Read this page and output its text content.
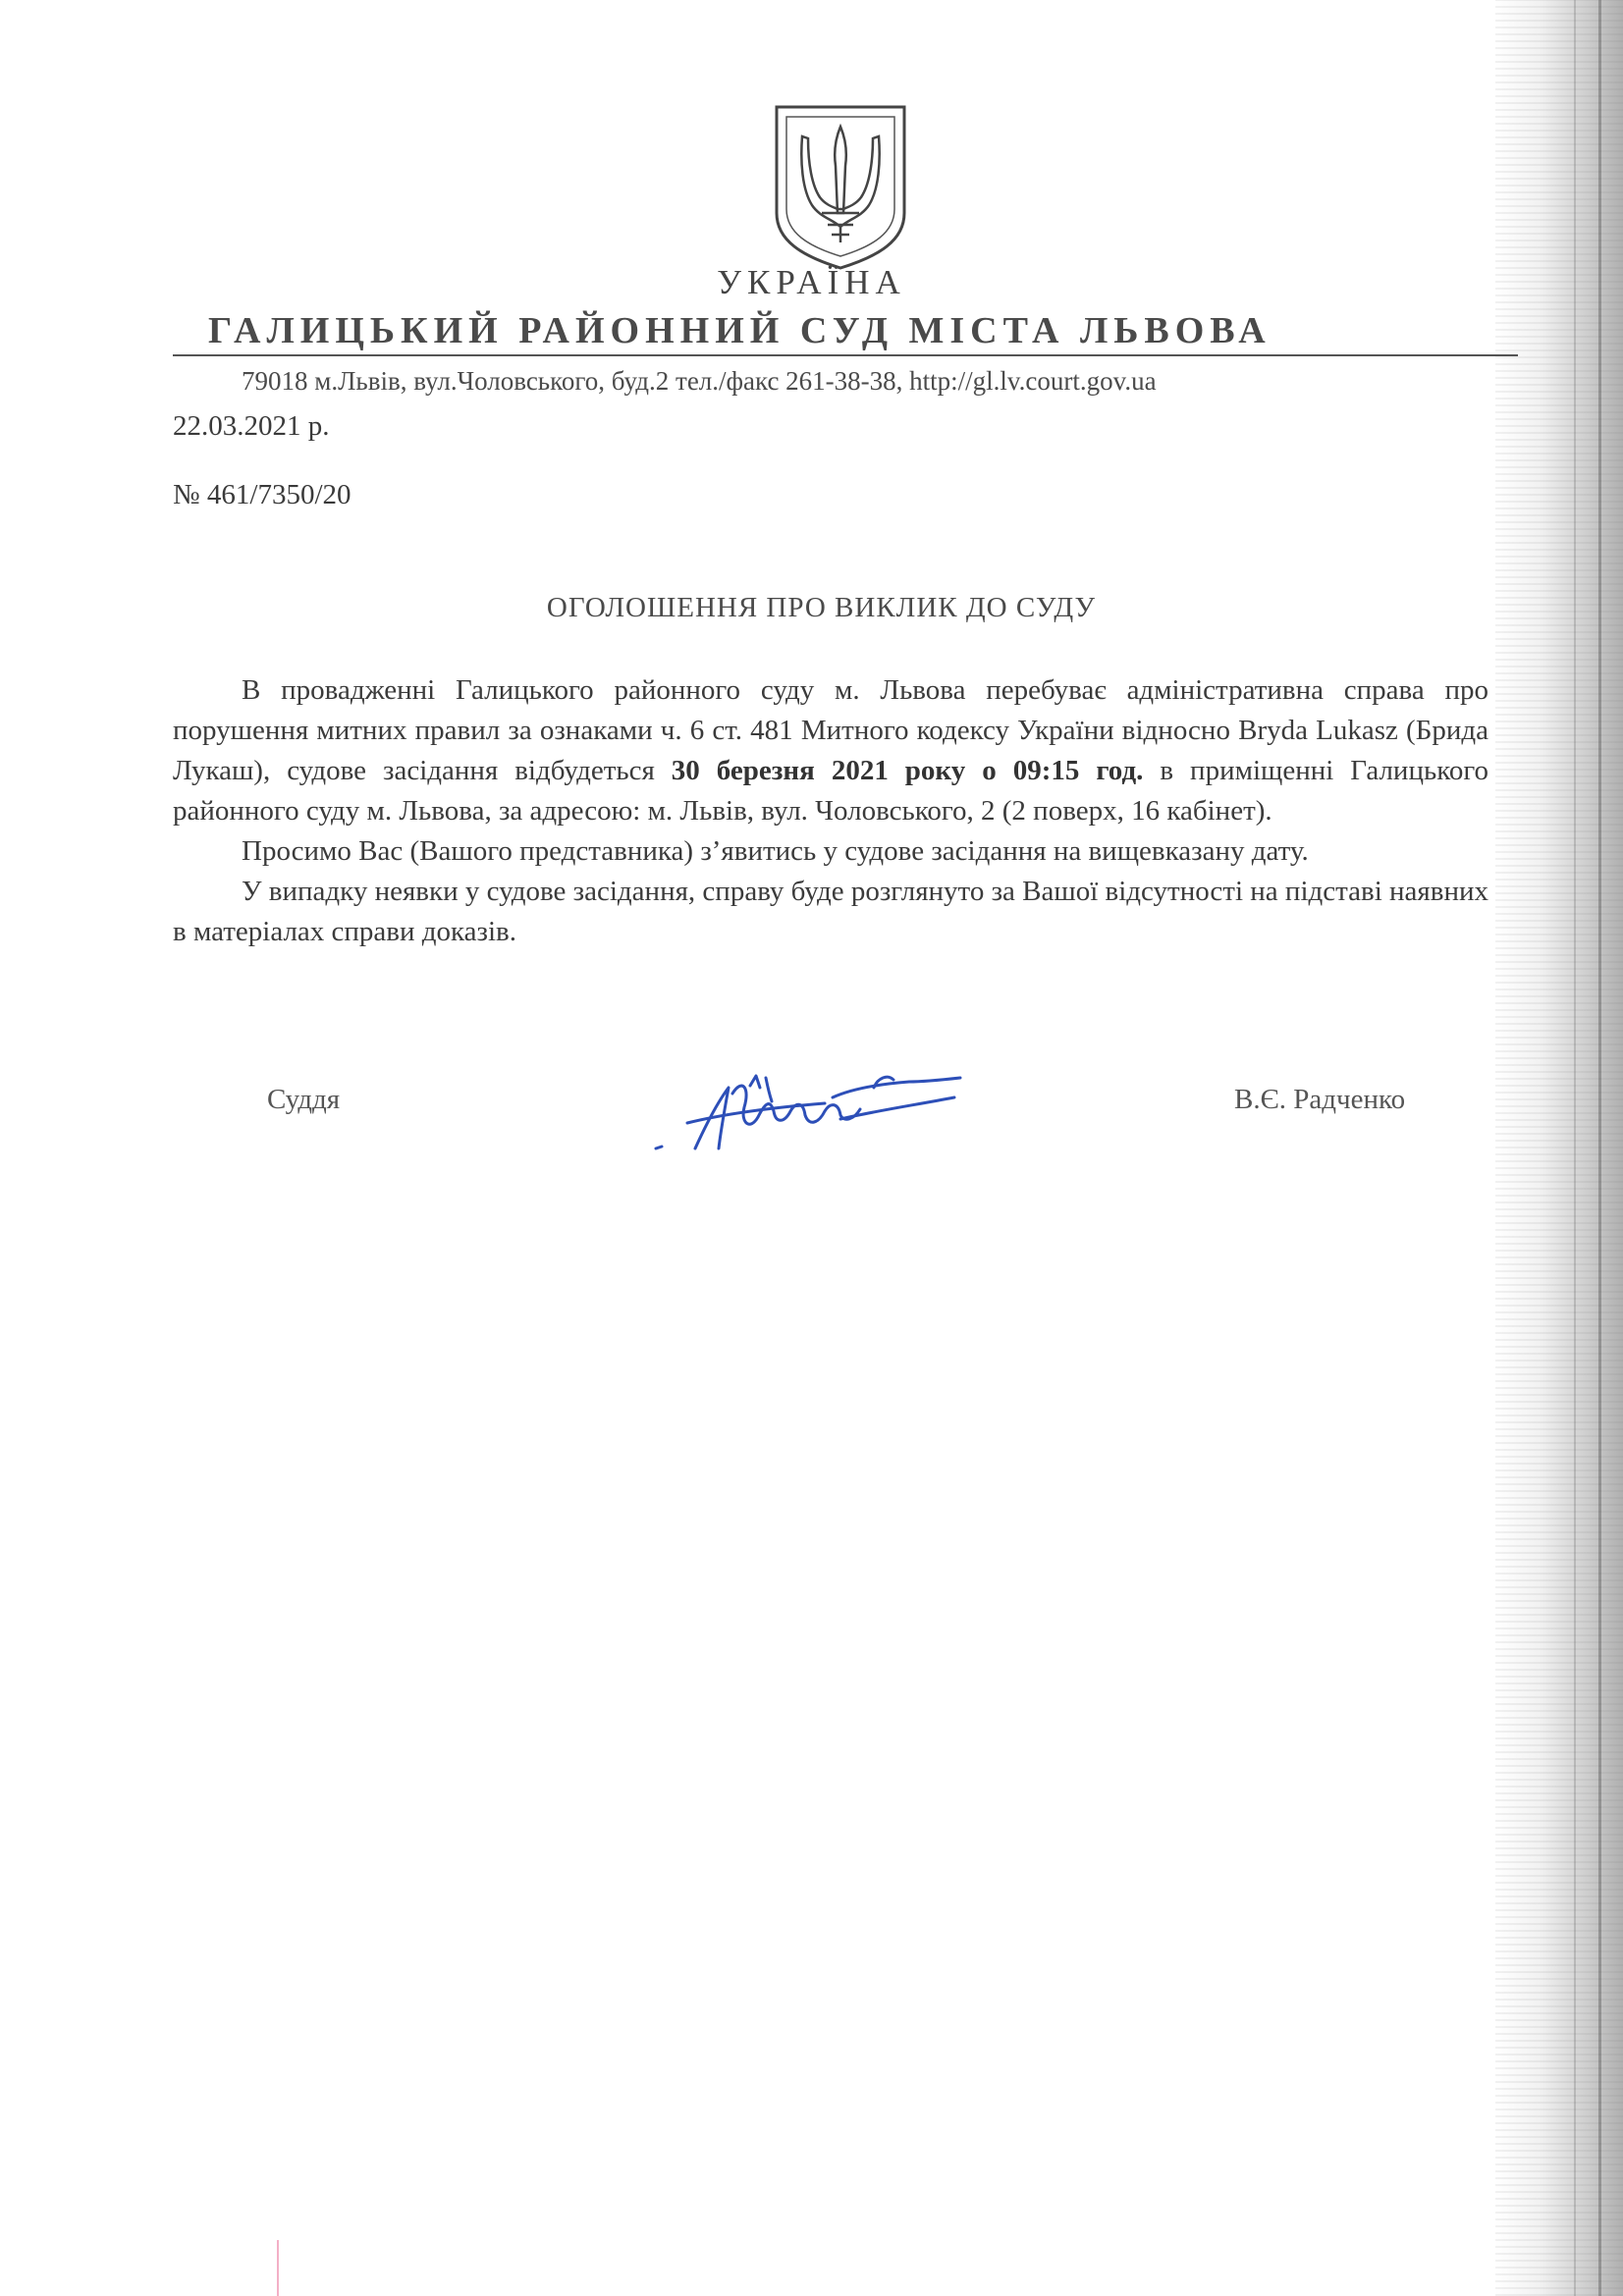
УКРАЇНА
ГАЛИЦЬКИЙ РАЙОННИЙ СУД МІСТА ЛЬВОВА
79018 м.Львів, вул.Чоловського, буд.2 тел./факс 261-38-38, http://gl.lv.court.gov.ua
22.03.2021 р.
№ 461/7350/20
ОГОЛОШЕННЯ ПРО ВИКЛИК ДО СУДУ

В провадженні Галицького районного суду м. Львова перебуває адміністративна справа про порушення митних правил за ознаками ч. 6 ст. 481 Митного кодексу України відносно Bryda Lukasz (Брида Лукаш), судове засідання відбудеться 30 березня 2021 року о 09:15 год. в приміщенні Галицького районного суду м. Львова, за адресою: м. Львів, вул. Чоловського, 2 (2 поверх, 16 кабінет).

Просимо Вас (Вашого представника) з’явитись у судове засідання на вищевказану дату.

У випадку неявки у судове засідання, справу буде розглянуто за Вашої відсутності на підставі наявних в матеріалах справи доказів.

Суддя	В.Є. Радченко
